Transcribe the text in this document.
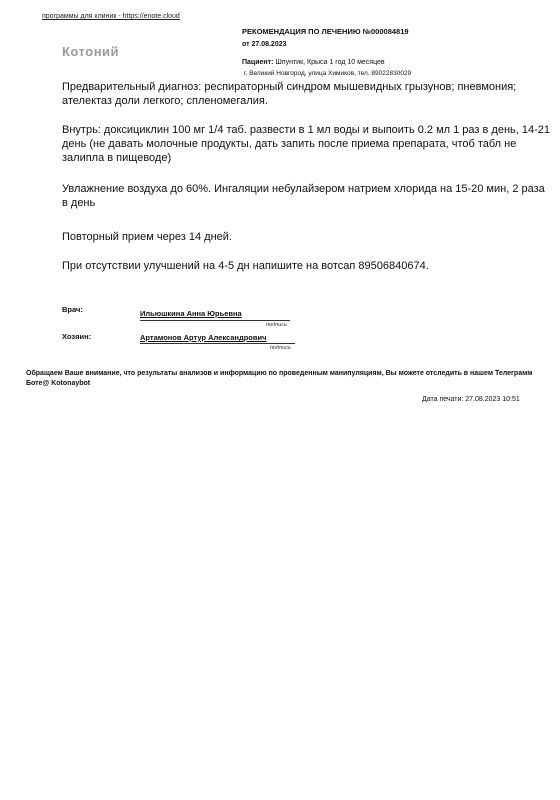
программы для клиник - https://enote.cloud
Котоний
РЕКОМЕНДАЦИЯ ПО ЛЕЧЕНИЮ №000084819
от 27.08.2023
Пациент: Шпунтик, Крыса 1 год 10 месяцев
г. Великий Новгород, улица Химиков, тел. 89022830029
Предварительный диагноз: респираторный синдром мышевидных грызунов; пневмония; ателектаз доли легкого; спленомегалия.
Внутрь: доксициклин 100 мг 1/4 таб. развести в 1 мл воды и выпоить 0.2 мл 1 раз в день, 14-21 день (не давать молочные продукты, дать запить после приема препарата, чтоб табл не залипла в пищеводе)
Увлажнение воздуха до 60%. Ингаляции небулайзером натрием хлорида на 15-20 мин, 2 раза в день
Повторный прием через 14 дней.
При отсутствии улучшений на 4-5 дн напишите на вотсап 89506840674.
Врач:	Ильюшкина Анна Юрьевна
подпись
Хозяин:	Артамонов Артур Александрович
подпись
Обращаем Ваше внимание, что результаты анализов и информацию по проведенным манипуляциям, Вы можете отследить в нашем Телеграмм Боте@ Kotonaybot
Дата печати: 27.08.2023 10:51
